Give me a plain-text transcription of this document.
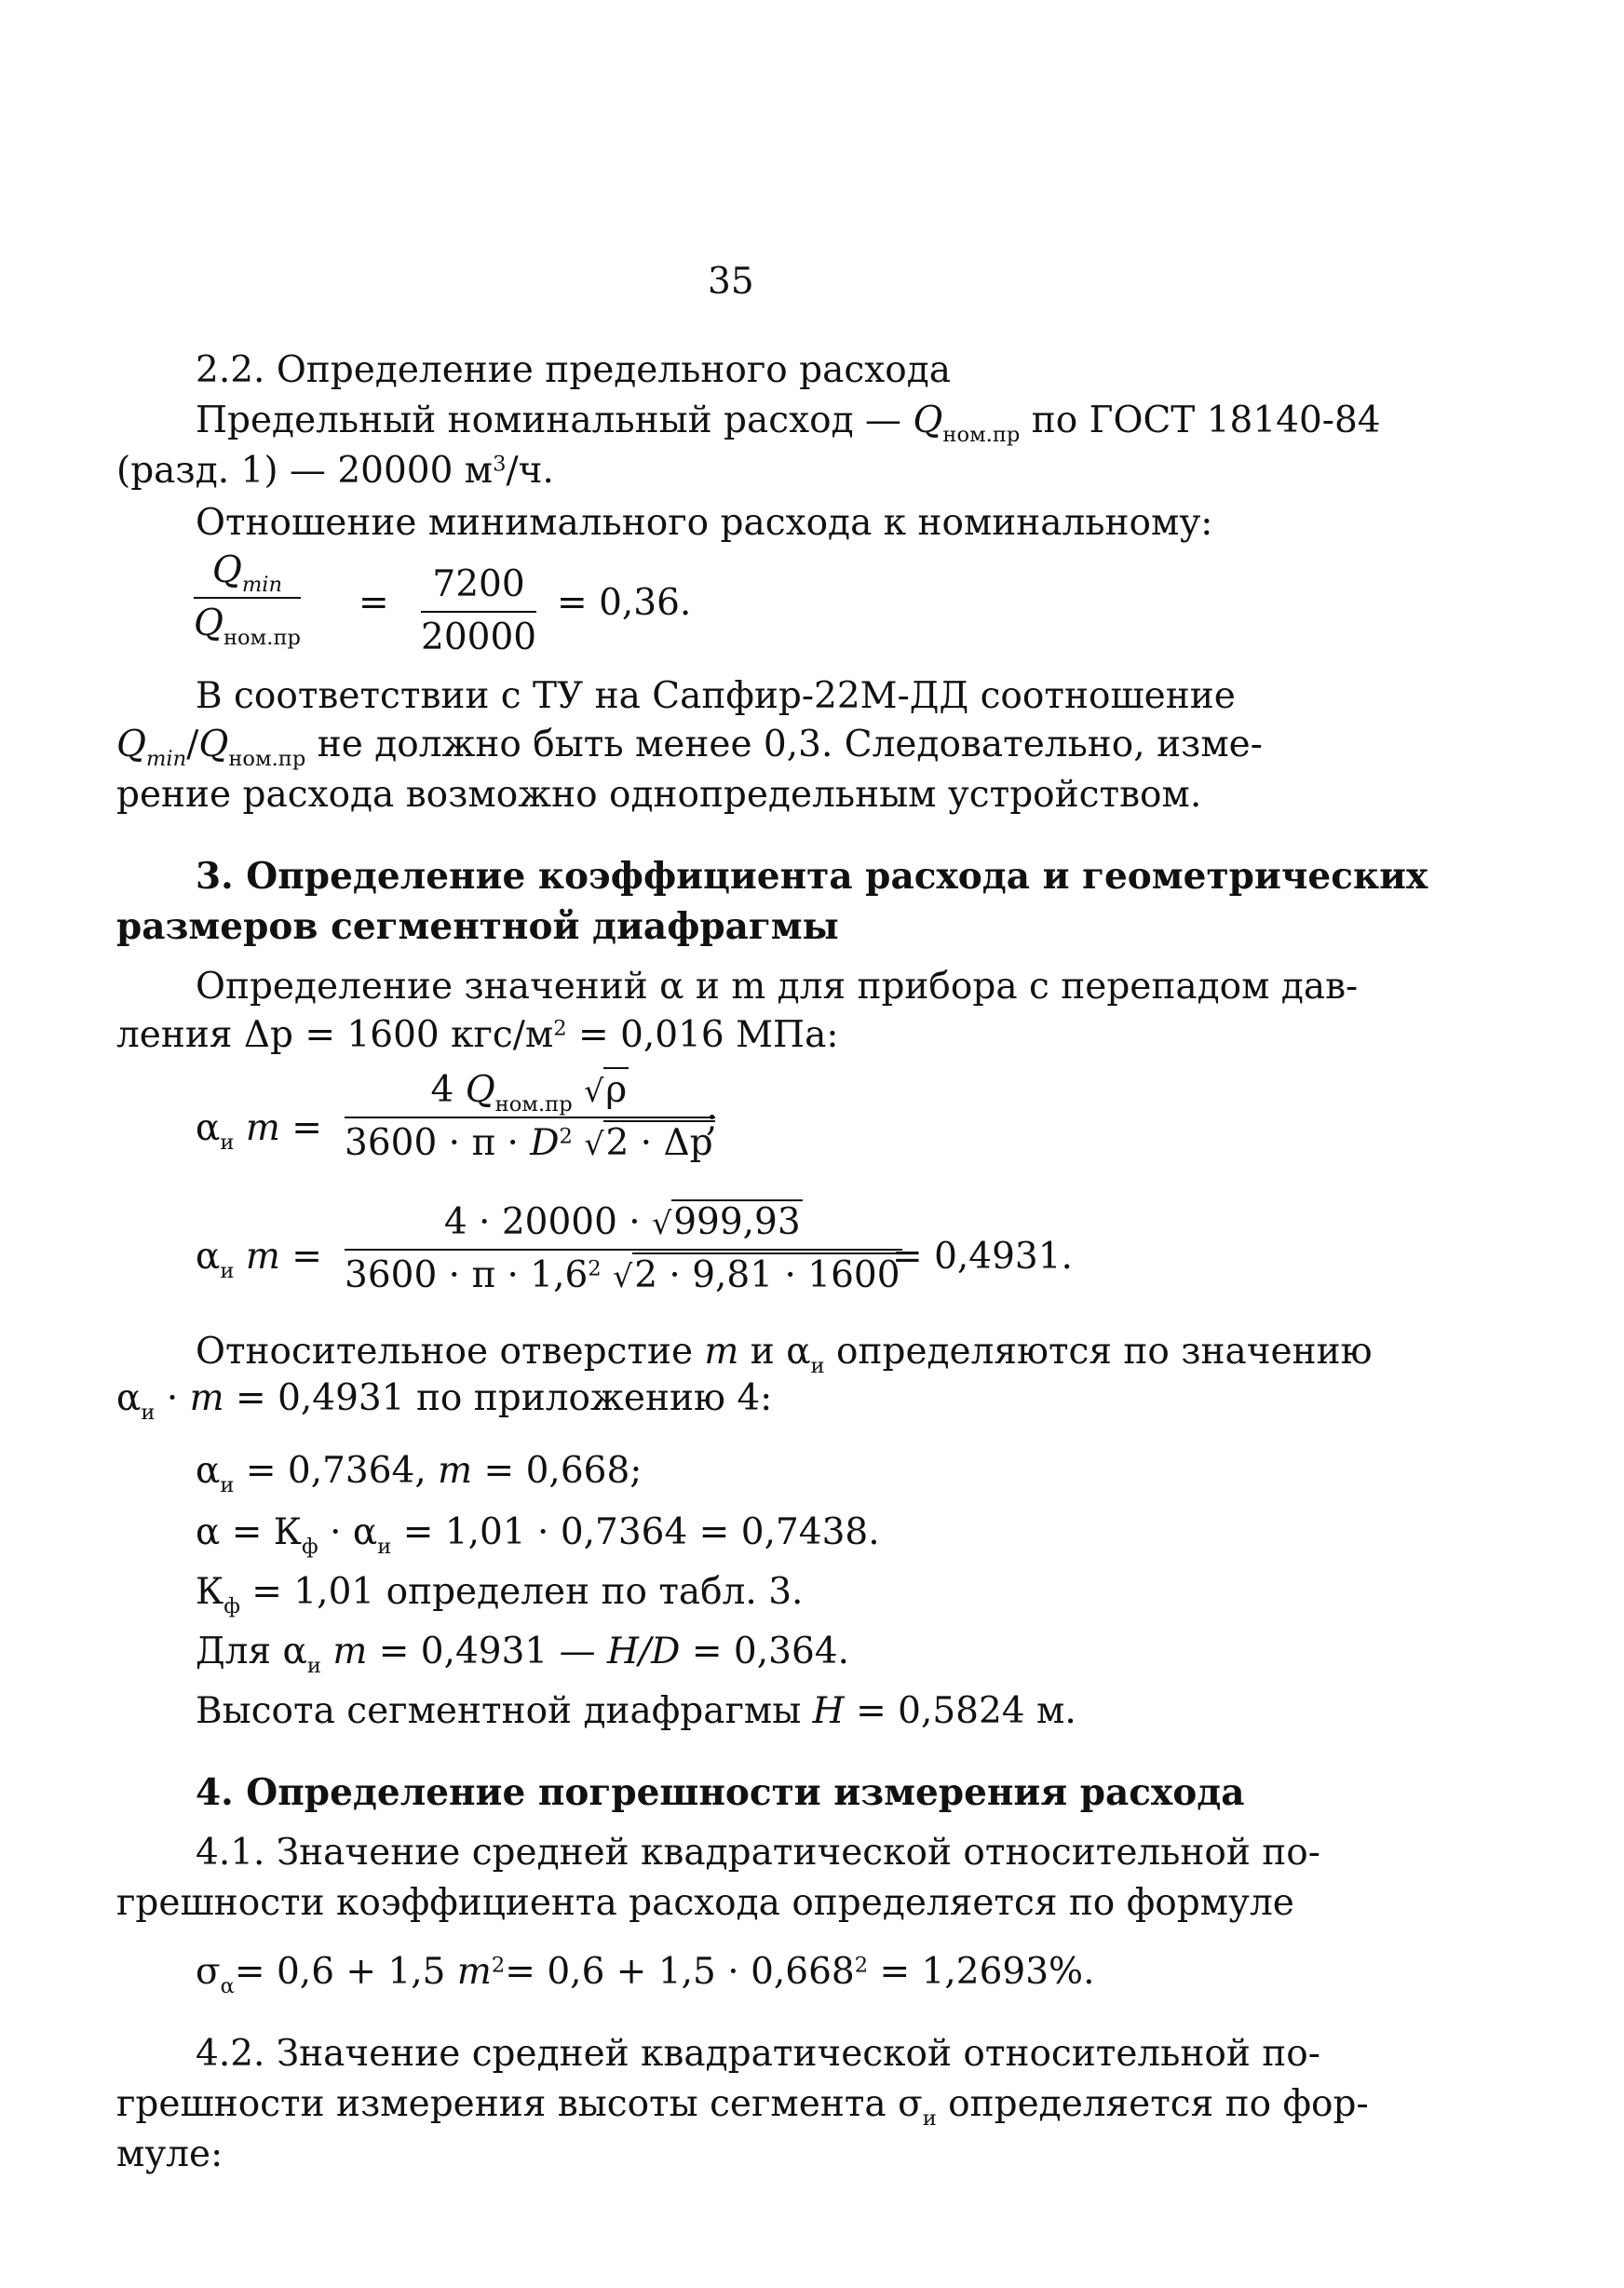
35
2.2. Определение предельного расхода
Предельный номинальный расход — $Q_{ном.пр}$ по ГОСТ 18140-84
(разд. 1) — 20000 $м^3/ч$.
Отношение минимального расхода к номинальному:
$Q_{min}$
$Q_{ном.пр}$
= 7200
20000
= 0,36.
В соответствии с ТУ на Сапфир-22М-ДД соотношение
$Q_{min}/Q_{ном.пр}$ не должно быть менее 0,3. Следовательно, изме-
рение расхода возможно однопредельным устройством.
3. Определение коэффициента расхода и геометрических
размеров сегментной диафрагмы
Определение значений α и m для прибора с перепадом дав-
ления Δp = 1600 кгс/$м^2 = 0,016$ МПа:
$\alpha_и$ m =
4 $Q_{ном.пр}$ √ρ
$3600 \cdot \pi \cdot D^2$ √2 · Δp
;
$\alpha_и$ m =
4 · 20000 · √999,93
$3600 \cdot \pi \cdot 1,6^2$ √2 · 9,81 · 1600
= 0,4931.
Относительное отверстие m и $\alpha_и$ определяются по значению
$\alpha_и \cdot m = 0,4931$ по приложению 4:
$\alpha_и = 0,7364$, m = 0,668;
$\alpha = К_ф \cdot \alpha_и = 1,01 \cdot 0,7364 = 0,7438$.
$К_ф = 1,01$ определен по табл. 3.
Для $\alpha_и$ m = 0,4931 — H/D = 0,364.
Высота сегментной диафрагмы H = 0,5824 м.
4. Определение погрешности измерения расхода
4.1. Значение средней квадратической относительной по-
грешности коэффициента расхода определяется по формуле
$\sigma_\alpha= 0,6 + 1,5$ $m^2= 0,6 + 1,5 \cdot 0,668^2 = 1,2693\%$.
4.2. Значение средней квадратической относительной по-
грешности измерения высоты сегмента $\sigma_и$ определяется по фор-
муле:
